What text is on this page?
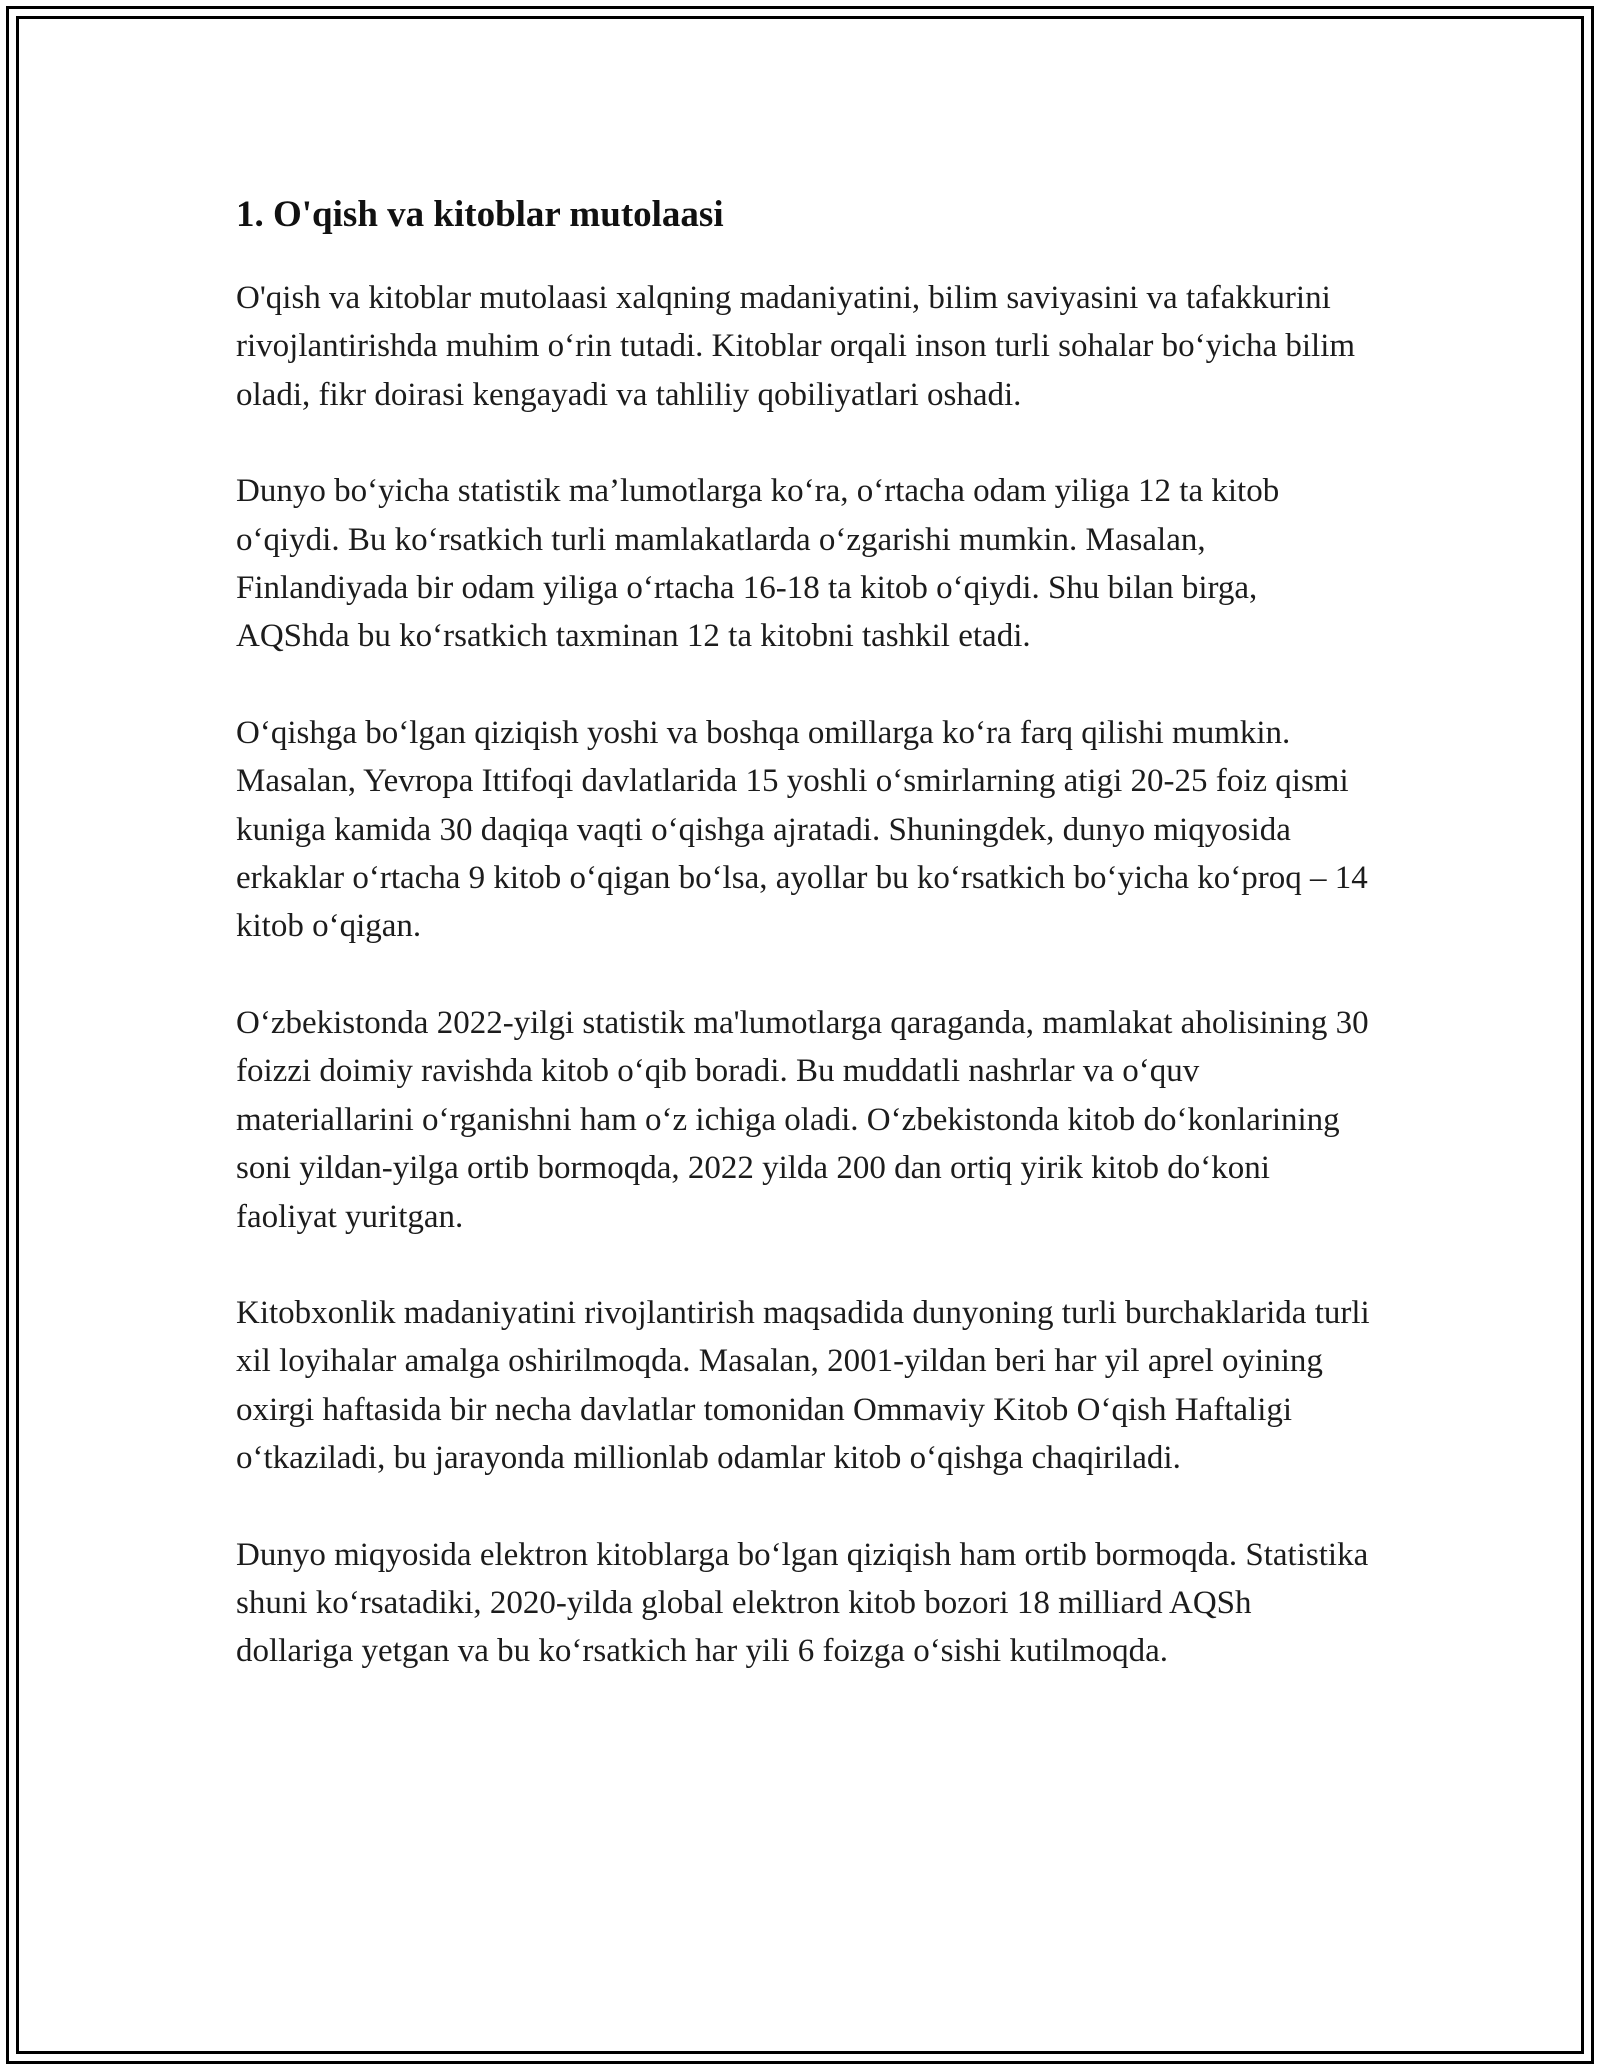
1. O'qish va kitoblar mutolaasi

O'qish va kitoblar mutolaasi xalqning madaniyatini, bilim saviyasini va tafakkurini rivojlantirishda muhim o‘rin tutadi. Kitoblar orqali inson turli sohalar bo‘yicha bilim oladi, fikr doirasi kengayadi va tahliliy qobiliyatlari oshadi.

Dunyo bo‘yicha statistik ma’lumotlarga ko‘ra, o‘rtacha odam yiliga 12 ta kitob o‘qiydi. Bu ko‘rsatkich turli mamlakatlarda o‘zgarishi mumkin. Masalan, Finlandiyada bir odam yiliga o‘rtacha 16-18 ta kitob o‘qiydi. Shu bilan birga, AQShda bu ko‘rsatkich taxminan 12 ta kitobni tashkil etadi.

O‘qishga bo‘lgan qiziqish yoshi va boshqa omillarga ko‘ra farq qilishi mumkin. Masalan, Yevropa Ittifoqi davlatlarida 15 yoshli o‘smirlarning atigi 20-25 foiz qismi kuniga kamida 30 daqiqa vaqti o‘qishga ajratadi. Shuningdek, dunyo miqyosida erkaklar o‘rtacha 9 kitob o‘qigan bo‘lsa, ayollar bu ko‘rsatkich bo‘yicha ko‘proq – 14 kitob o‘qigan.

O‘zbekistonda 2022-yilgi statistik ma'lumotlarga qaraganda, mamlakat aholisining 30 foizzi doimiy ravishda kitob o‘qib boradi. Bu muddatli nashrlar va o‘quv materiallarini o‘rganishni ham o‘z ichiga oladi. O‘zbekistonda kitob do‘konlarining soni yildan-yilga ortib bormoqda, 2022 yilda 200 dan ortiq yirik kitob do‘koni faoliyat yuritgan.

Kitobxonlik madaniyatini rivojlantirish maqsadida dunyoning turli burchaklarida turli xil loyihalar amalga oshirilmoqda. Masalan, 2001-yildan beri har yil aprel oyining oxirgi haftasida bir necha davlatlar tomonidan Ommaviy Kitob O‘qish Haftaligi o‘tkaziladi, bu jarayonda millionlab odamlar kitob o‘qishga chaqiriladi.

Dunyo miqyosida elektron kitoblarga bo‘lgan qiziqish ham ortib bormoqda. Statistika shuni ko‘rsatadiki, 2020-yilda global elektron kitob bozori 18 milliard AQSh dollariga yetgan va bu ko‘rsatkich har yili 6 foizga o‘sishi kutilmoqda.
